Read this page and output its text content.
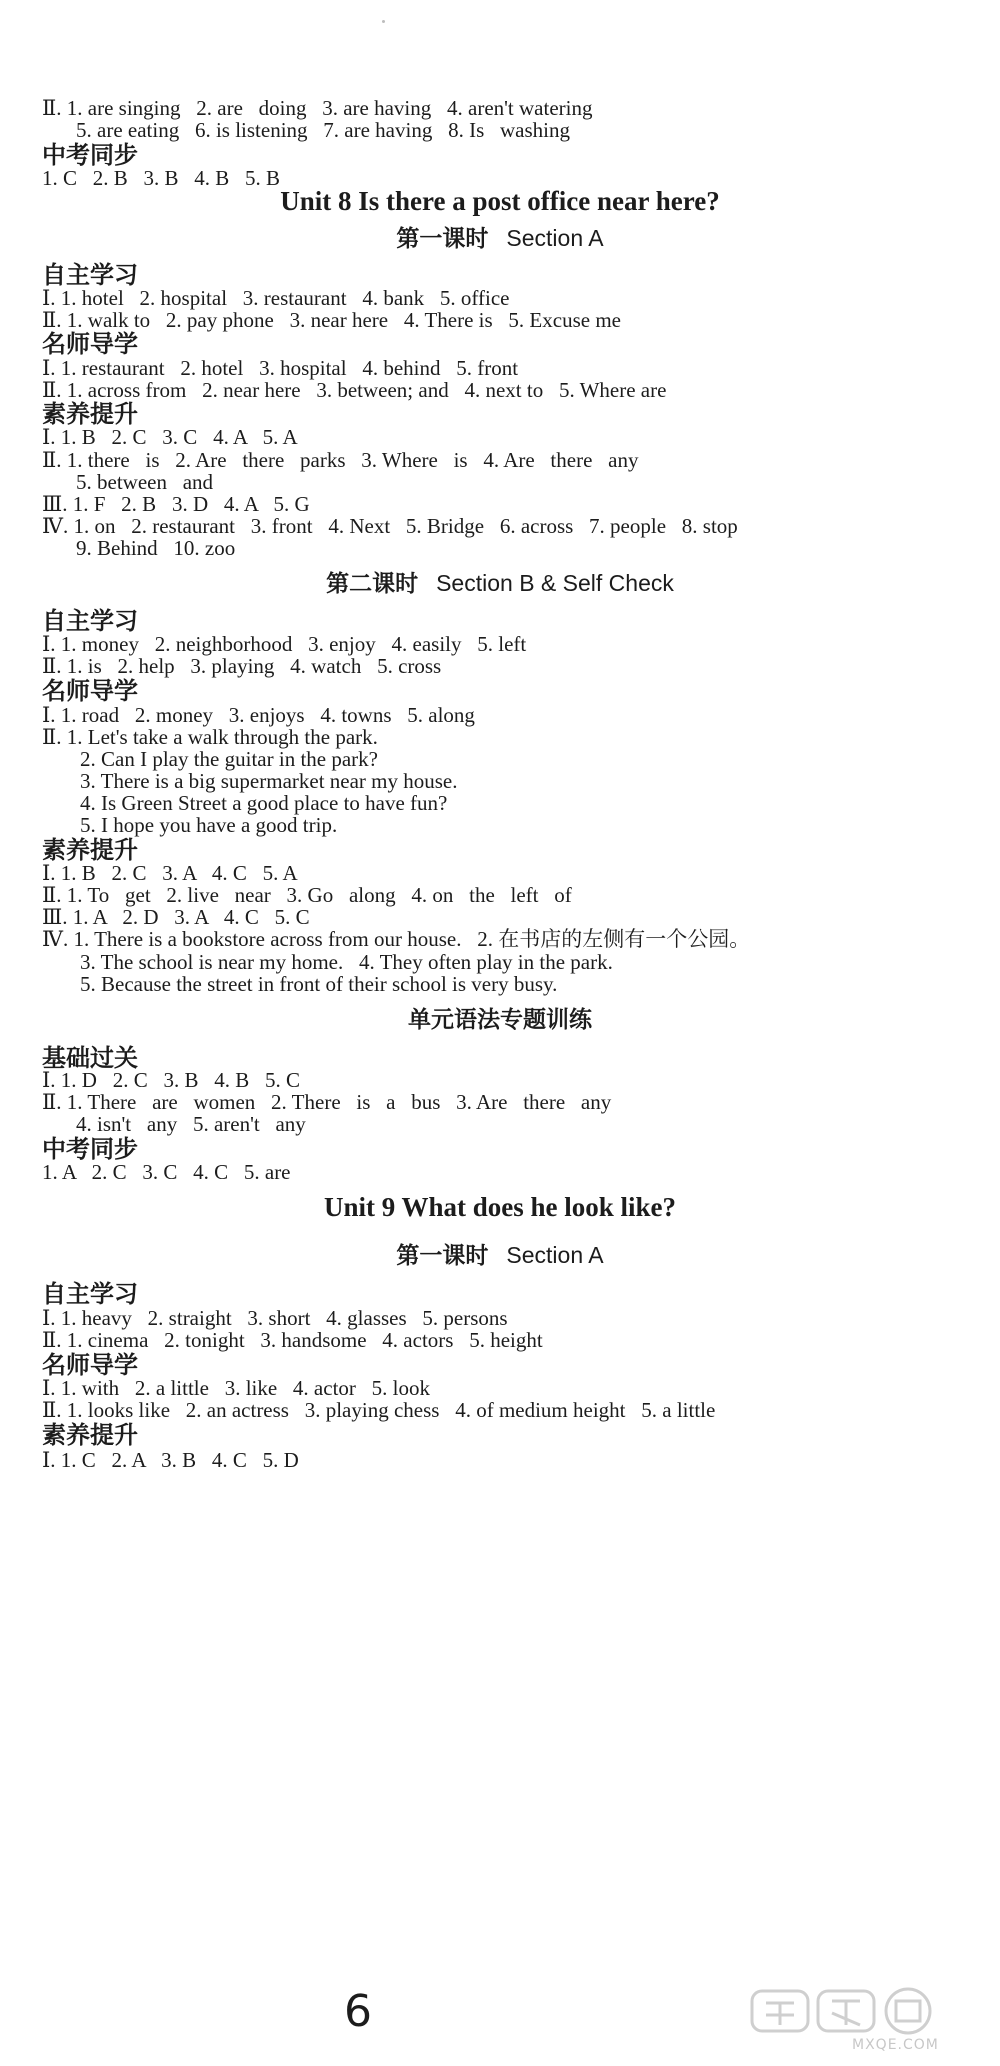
Ⅱ. 1. are singing   2. are   doing   3. are having   4. aren't watering
5. are eating   6. is listening   7. are having   8. Is   washing
中考同步
1. C   2. B   3. B   4. B   5. B
Unit 8 Is there a post office near here?
第一课时 Section A
自主学习
Ⅰ. 1. hotel   2. hospital   3. restaurant   4. bank   5. office
Ⅱ. 1. walk to   2. pay phone   3. near here   4. There is   5. Excuse me
名师导学
Ⅰ. 1. restaurant   2. hotel   3. hospital   4. behind   5. front
Ⅱ. 1. across from   2. near here   3. between; and   4. next to   5. Where are
素养提升
Ⅰ. 1. B   2. C   3. C   4. A   5. A
Ⅱ. 1. there   is   2. Are   there   parks   3. Where   is   4. Are   there   any
5. between   and
Ⅲ. 1. F   2. B   3. D   4. A   5. G
Ⅳ. 1. on   2. restaurant   3. front   4. Next   5. Bridge   6. across   7. people   8. stop
9. Behind   10. zoo
第二课时 Section B & Self Check
自主学习
Ⅰ. 1. money   2. neighborhood   3. enjoy   4. easily   5. left
Ⅱ. 1. is   2. help   3. playing   4. watch   5. cross
名师导学
Ⅰ. 1. road   2. money   3. enjoys   4. towns   5. along
Ⅱ. 1. Let's take a walk through the park.
2. Can I play the guitar in the park?
3. There is a big supermarket near my house.
4. Is Green Street a good place to have fun?
5. I hope you have a good trip.
素养提升
Ⅰ. 1. B   2. C   3. A   4. C   5. A
Ⅱ. 1. To   get   2. live   near   3. Go   along   4. on   the   left   of
Ⅲ. 1. A   2. D   3. A   4. C   5. C
Ⅳ. 1. There is a bookstore across from our house.   2. 在书店的左侧有一个公园。
3. The school is near my home.   4. They often play in the park.
5. Because the street in front of their school is very busy.
单元语法专题训练
基础过关
Ⅰ. 1. D   2. C   3. B   4. B   5. C
Ⅱ. 1. There   are   women   2. There   is   a   bus   3. Are   there   any
4. isn't   any   5. aren't   any
中考同步
1. A   2. C   3. C   4. C   5. are
Unit 9 What does he look like?
第一课时 Section A
自主学习
Ⅰ. 1. heavy   2. straight   3. short   4. glasses   5. persons
Ⅱ. 1. cinema   2. tonight   3. handsome   4. actors   5. height
名师导学
Ⅰ. 1. with   2. a little   3. like   4. actor   5. look
Ⅱ. 1. looks like   2. an actress   3. playing chess   4. of medium height   5. a little
素养提升
Ⅰ. 1. C   2. A   3. B   4. C   5. D
6
MXQE.COM
